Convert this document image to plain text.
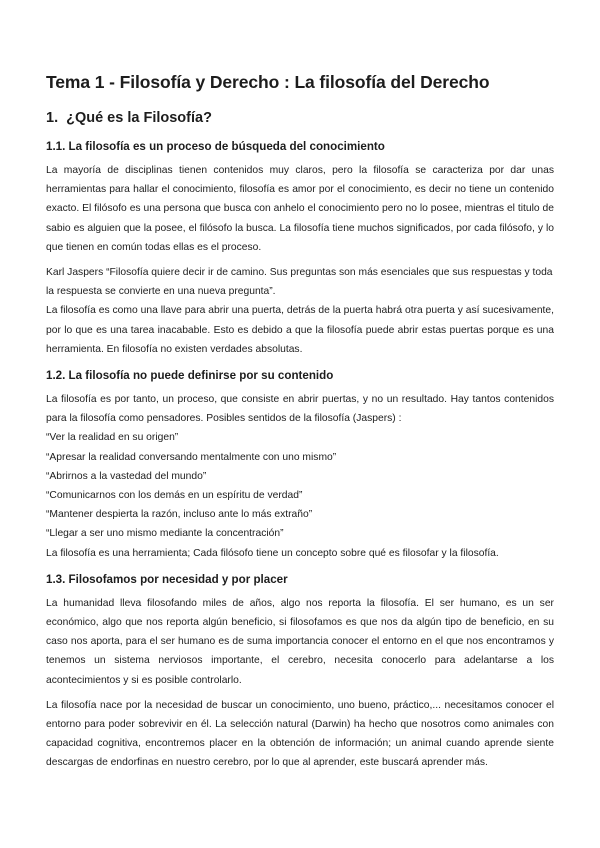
Tema 1 - Filosofía y Derecho : La filosofía del Derecho
1. ¿Qué es la Filosofía?
1.1. La filosofía es un proceso de búsqueda del conocimiento

La mayoría de disciplinas tienen contenidos muy claros, pero la filosofía se caracteriza por dar unas herramientas para hallar el conocimiento, filosofía es amor por el conocimiento, es decir no tiene un contenido exacto. El filósofo es una persona que busca con anhelo el conocimiento pero no lo posee, mientras el titulo de sabio es alguien que la posee, el filósofo la busca. La filosofía tiene muchos significados, por cada filósofo, y lo que tienen en común todas ellas es el proceso.

Karl Jaspers “Filosofía quiere decir ir de camino. Sus preguntas son más esenciales que sus respuestas y toda la respuesta se convierte en una nueva pregunta”.

La filosofía es como una llave para abrir una puerta, detrás de la puerta habrá otra puerta y así sucesivamente, por lo que es una tarea inacabable. Esto es debido a que la filosofía puede abrir estas puertas porque es una herramienta. En filosofía no existen verdades absolutas.

1.2. La filosofía no puede definirse por su contenido

La filosofía es por tanto, un proceso, que consiste en abrir puertas, y no un resultado. Hay tantos contenidos para la filosofía como pensadores. Posibles sentidos de la filosofía (Jaspers) :

“Ver la realidad en su origen”

“Apresar la realidad conversando mentalmente con uno mismo”

“Abrirnos a la vastedad del mundo”

“Comunicarnos con los demás en un espíritu de verdad”

“Mantener despierta la razón, incluso ante lo más extraño”

“Llegar a ser uno mismo mediante la concentración”

La filosofía es una herramienta; Cada filósofo tiene un concepto sobre qué es filosofar y la filosofía.

1.3. Filosofamos por necesidad y por placer

La humanidad lleva filosofando miles de años, algo nos reporta la filosofía. El ser humano, es un ser económico, algo que nos reporta algún beneficio, si filosofamos es que nos da algún tipo de beneficio, en su caso nos aporta, para el ser humano es de suma importancia conocer el entorno en el que nos encontramos y tenemos un sistema nerviosos importante, el cerebro, necesita conocerlo para adelantarse a los acontecimientos y si es posible controlarlo.

La filosofía nace por la necesidad de buscar un conocimiento, uno bueno, práctico,... necesitamos conocer el entorno para poder sobrevivir en él. La selección natural (Darwin) ha hecho que nosotros como animales con capacidad cognitiva, encontremos placer en la obtención de información; un animal cuando aprende siente descargas de endorfinas en nuestro cerebro, por lo que al aprender, este buscará aprender más.
